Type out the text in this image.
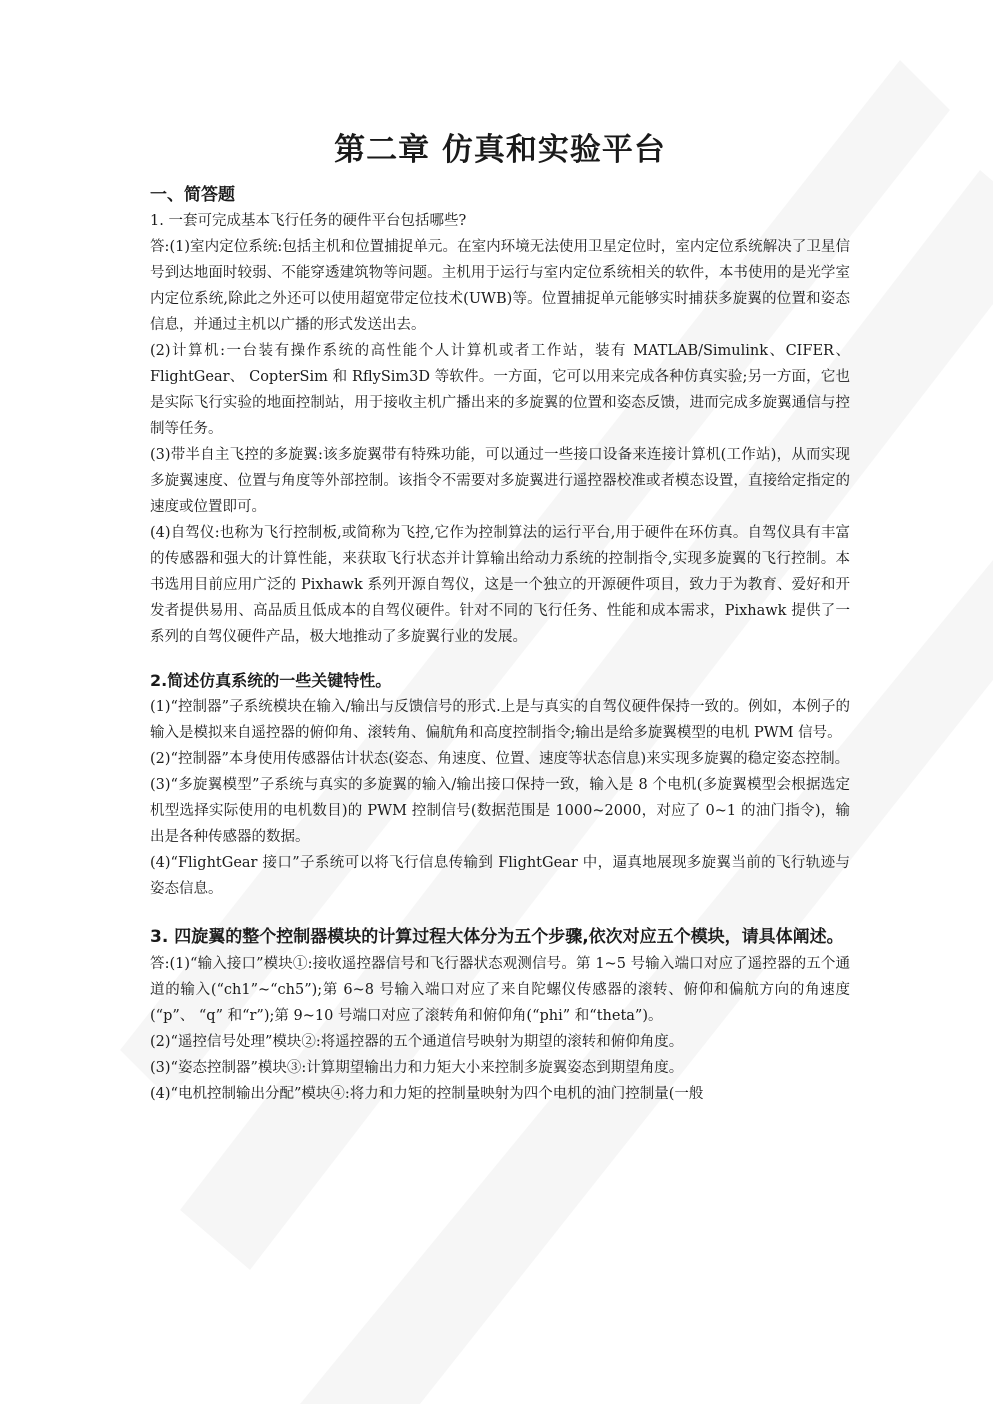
第二章 仿真和实验平台
一、简答题
1. 一套可完成基本飞行任务的硬件平台包括哪些?
答:(1)室内定位系统:包括主机和位置捕捉单元。在室内环境无法使用卫星定位时，室内定位系统解决了卫星信号到达地面时较弱、不能穿透建筑物等问题。主机用于运行与室内定位系统相关的软件，本书使用的是光学室内定位系统,除此之外还可以使用超宽带定位技术(UWB)等。位置捕捉单元能够实时捕获多旋翼的位置和姿态信息，并通过主机以广播的形式发送出去。
(2)计算机:一台装有操作系统的高性能个人计算机或者工作站，装有 MATLAB/Simulink、CIFER、FlightGear、 CopterSim 和 RflySim3D 等软件。一方面，它可以用来完成各种仿真实验;另一方面，它也是实际飞行实验的地面控制站，用于接收主机广播出来的多旋翼的位置和姿态反馈，进而完成多旋翼通信与控制等任务。
(3)带半自主飞控的多旋翼:该多旋翼带有特殊功能，可以通过一些接口设备来连接计算机(工作站)，从而实现多旋翼速度、位置与角度等外部控制。该指令不需要对多旋翼进行遥控器校准或者模态设置，直接给定指定的速度或位置即可。
(4)自驾仪:也称为飞行控制板,或简称为飞控,它作为控制算法的运行平台,用于硬件在环仿真。自驾仪具有丰富的传感器和强大的计算性能，来获取飞行状态并计算输出给动力系统的控制指令,实现多旋翼的飞行控制。本书选用目前应用广泛的 Pixhawk 系列开源自驾仪，这是一个独立的开源硬件项目，致力于为教育、爱好和开发者提供易用、高品质且低成本的自驾仪硬件。针对不同的飞行任务、性能和成本需求，Pixhawk 提供了一系列的自驾仪硬件产品，极大地推动了多旋翼行业的发展。
2.简述仿真系统的一些关键特性。
(1)“控制器”子系统模块在输入/输出与反馈信号的形式.上是与真实的自驾仪硬件保持一致的。例如，本例子的输入是模拟来自遥控器的俯仰角、滚转角、偏航角和高度控制指令;输出是给多旋翼模型的电机 PWM 信号。
(2)“控制器”本身使用传感器估计状态(姿态、角速度、位置、速度等状态信息)来实现多旋翼的稳定姿态控制。
(3)“多旋翼模型”子系统与真实的多旋翼的输入/输出接口保持一致，输入是 8 个电机(多旋翼模型会根据选定机型选择实际使用的电机数目)的 PWM 控制信号(数据范围是 1000~2000，对应了 0~1 的油门指令)，输出是各种传感器的数据。
(4)“FlightGear 接口”子系统可以将飞行信息传输到 FlightGear 中，逼真地展现多旋翼当前的飞行轨迹与姿态信息。
3. 四旋翼的整个控制器模块的计算过程大体分为五个步骤,依次对应五个模块，请具体阐述。
答:(1)“输入接口”模块①:接收遥控器信号和飞行器状态观测信号。第 1~5 号输入端口对应了遥控器的五个通道的输入(“ch1”~“ch5”);第 6~8 号输入端口对应了来自陀螺仪传感器的滚转、俯仰和偏航方向的角速度(“p”、 “q” 和“r”);第 9~10 号端口对应了滚转角和俯仰角(“phi” 和“theta”)。
(2)“遥控信号处理”模块②:将遥控器的五个通道信号映射为期望的滚转和俯仰角度。
(3)“姿态控制器”模块③:计算期望输出力和力矩大小来控制多旋翼姿态到期望角度。
(4)“电机控制输出分配”模块④:将力和力矩的控制量映射为四个电机的油门控制量(一般
